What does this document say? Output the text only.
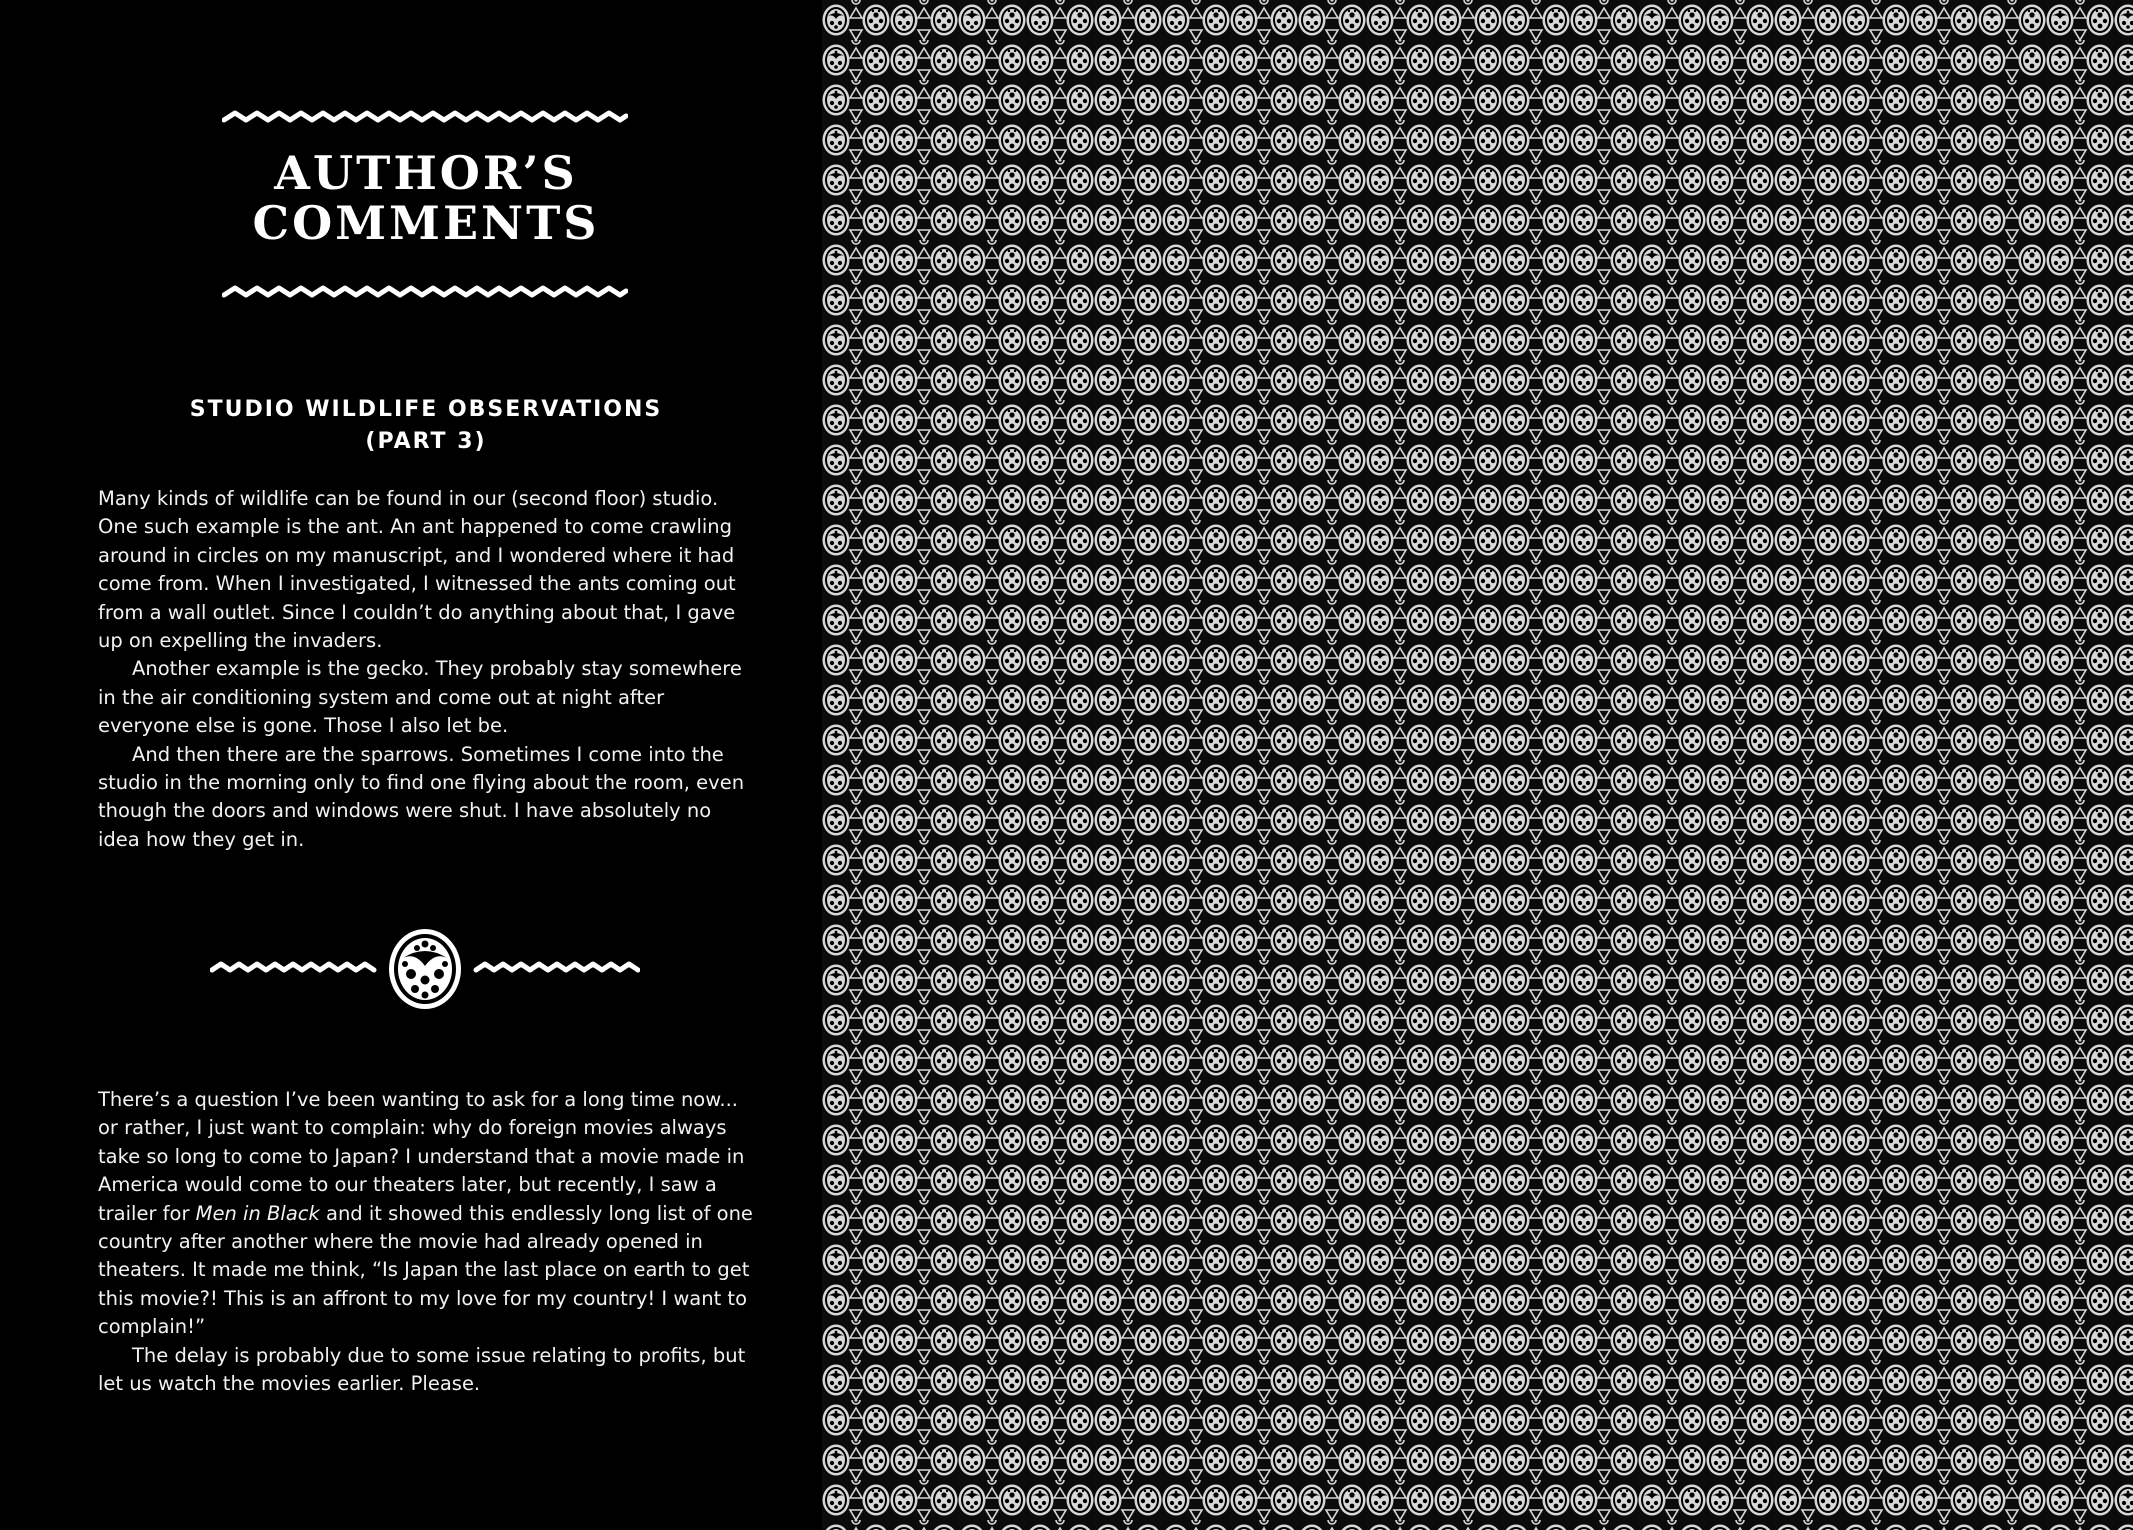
AUTHOR’S
COMMENTS
STUDIO WILDLIFE OBSERVATIONS
(PART 3)

Many kinds of wildlife can be found in our (second floor) studio. One such example is the ant. An ant happened to come crawling around in circles on my manuscript, and I wondered where it had come from. When I investigated, I witnessed the ants coming out from a wall outlet. Since I couldn’t do anything about that, I gave up on expelling the invaders.

Another example is the gecko. They probably stay somewhere in the air conditioning system and come out at night after everyone else is gone. Those I also let be.

And then there are the sparrows. Sometimes I come into the studio in the morning only to find one flying about the room, even though the doors and windows were shut. I have absolutely no idea how they get in.

There’s a question I’ve been wanting to ask for a long time now... or rather, I just want to complain: why do foreign movies always take so long to come to Japan? I understand that a movie made in America would come to our theaters later, but recently, I saw a trailer for Men in Black and it showed this endlessly long list of one country after another where the movie had already opened in theaters. It made me think, “Is Japan the last place on earth to get this movie?! This is an affront to my love for my country! I want to complain!”

The delay is probably due to some issue relating to profits, but let us watch the movies earlier. Please.
